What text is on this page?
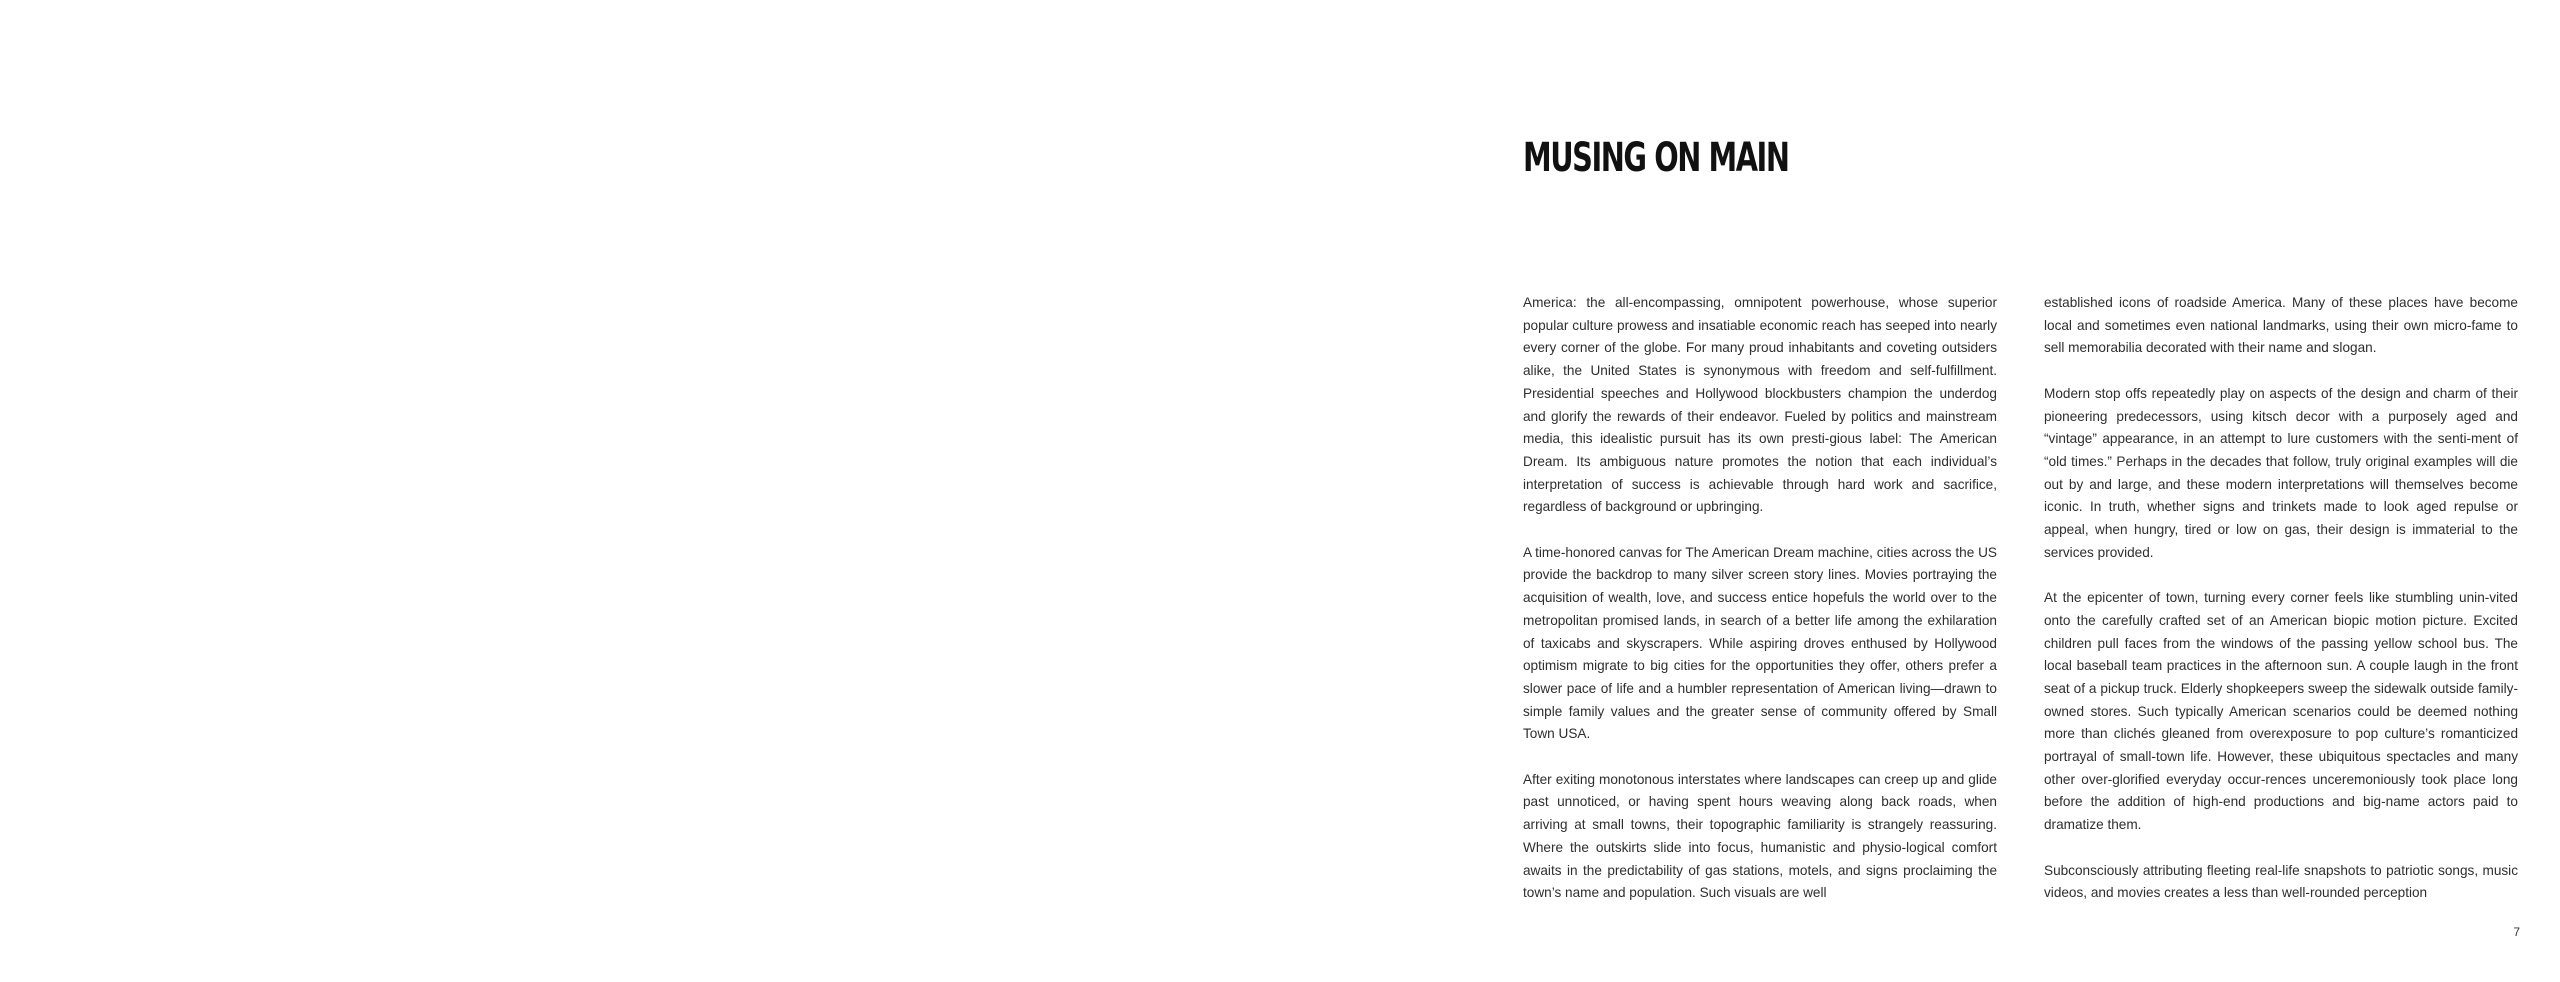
MUSING ON MAIN

America: the all-encompassing, omnipotent powerhouse, whose superior popular culture prowess and insatiable economic reach has seeped into nearly every corner of the globe. For many proud inhabitants and coveting outsiders alike, the United States is synonymous with freedom and self-fulfillment. Presidential speeches and Hollywood blockbusters champion the underdog and glorify the rewards of their endeavor. Fueled by politics and mainstream media, this idealistic pursuit has its own presti-gious label: The American Dream. Its ambiguous nature promotes the notion that each individual’s interpretation of success is achievable through hard work and sacrifice, regardless of background or upbringing.

A time-honored canvas for The American Dream machine, cities across the US provide the backdrop to many silver screen story lines. Movies portraying the acquisition of wealth, love, and success entice hopefuls the world over to the metropolitan promised lands, in search of a better life among the exhilaration of taxicabs and skyscrapers. While aspiring droves enthused by Hollywood optimism migrate to big cities for the opportunities they offer, others prefer a slower pace of life and a humbler representation of American living—drawn to simple family values and the greater sense of community offered by Small Town USA.

After exiting monotonous interstates where landscapes can creep up and glide past unnoticed, or having spent hours weaving along back roads, when arriving at small towns, their topographic familiarity is strangely reassuring. Where the outskirts slide into focus, humanistic and physio-logical comfort awaits in the predictability of gas stations, motels, and signs proclaiming the town’s name and population. Such visuals are well

established icons of roadside America. Many of these places have become local and sometimes even national landmarks, using their own micro-fame to sell memorabilia decorated with their name and slogan.

Modern stop offs repeatedly play on aspects of the design and charm of their pioneering predecessors, using kitsch decor with a purposely aged and “vintage” appearance, in an attempt to lure customers with the senti-ment of “old times.” Perhaps in the decades that follow, truly original examples will die out by and large, and these modern interpretations will themselves become iconic. In truth, whether signs and trinkets made to look aged repulse or appeal, when hungry, tired or low on gas, their design is immaterial to the services provided.

At the epicenter of town, turning every corner feels like stumbling unin-vited onto the carefully crafted set of an American biopic motion picture. Excited children pull faces from the windows of the passing yellow school bus. The local baseball team practices in the afternoon sun. A couple laugh in the front seat of a pickup truck. Elderly shopkeepers sweep the sidewalk outside family-owned stores. Such typically American scenarios could be deemed nothing more than clichés gleaned from overexposure to pop culture’s romanticized portrayal of small-town life. However, these ubiquitous spectacles and many other over-glorified everyday occur-rences unceremoniously took place long before the addition of high-end productions and big-name actors paid to dramatize them.

Subconsciously attributing fleeting real-life snapshots to patriotic songs, music videos, and movies creates a less than well-rounded perception

7
